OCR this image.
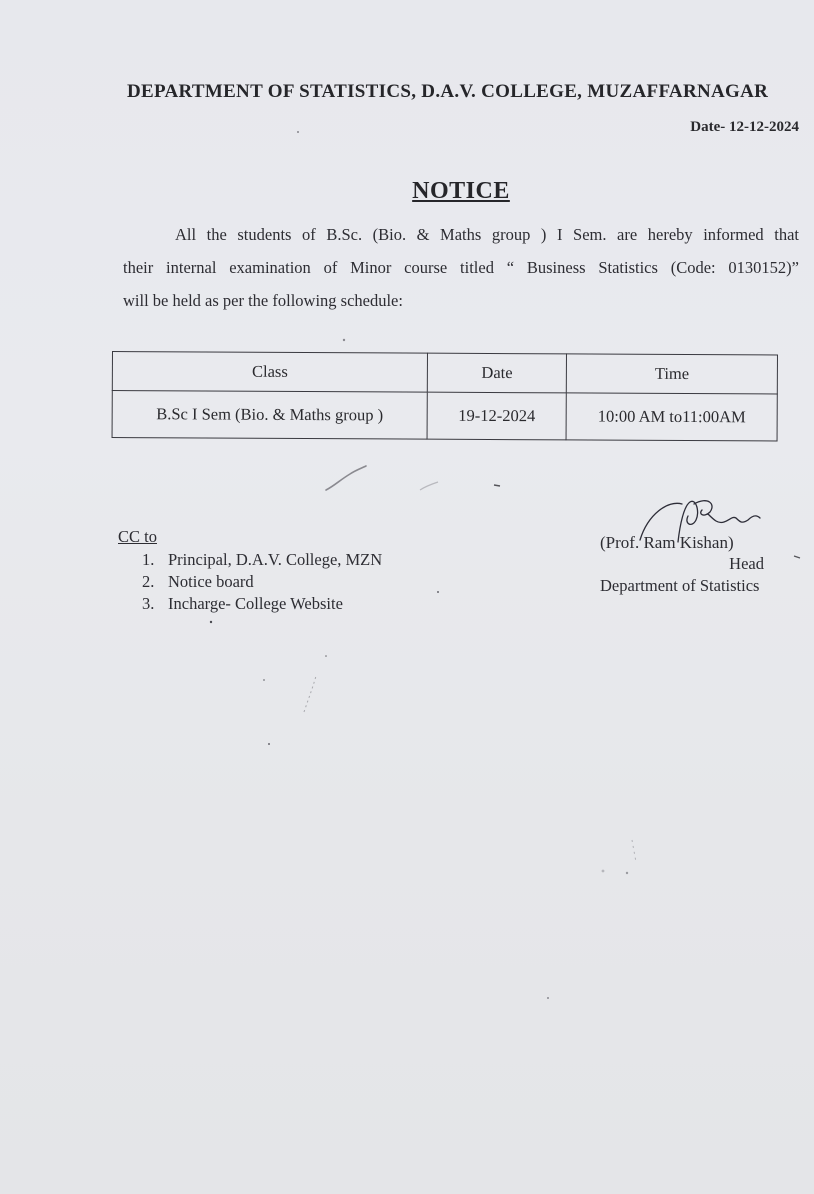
DEPARTMENT OF STATISTICS, D.A.V. COLLEGE, MUZAFFARNAGAR
Date- 12-12-2024
NOTICE
All the students of B.Sc. (Bio. & Maths group ) I Sem. are hereby informed that
their internal examination of Minor course titled “ Business Statistics (Code: 0130152)”
will be held as per the following schedule:
Class	Date	Time
B.Sc I Sem (Bio. & Maths group )	19-12-2024	10:00 AM to11:00AM
CC to
1. Principal, D.A.V. College, MZN
2. Notice board
3. Incharge- College Website
(Prof. Ram Kishan)
Head
Department of Statistics
